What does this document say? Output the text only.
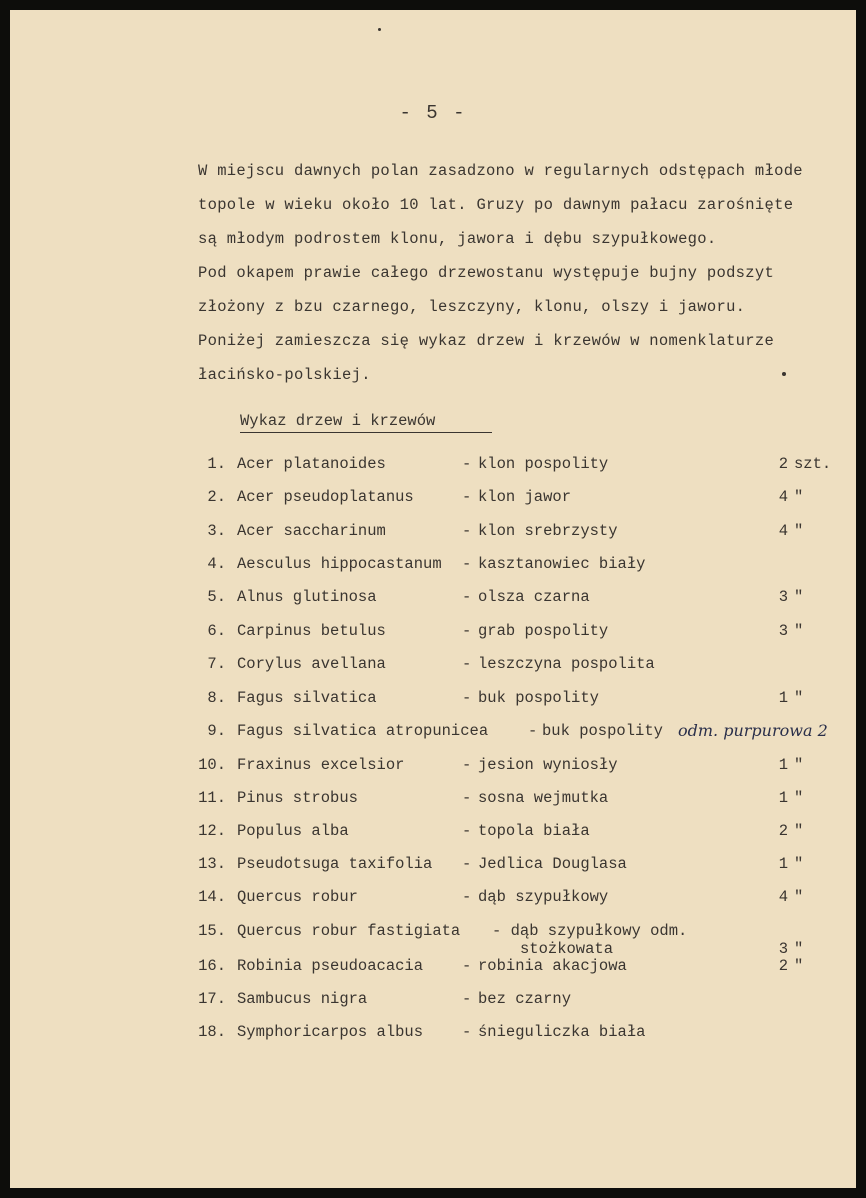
- 5 -
W miejscu dawnych polan zasadzono w regularnych odstępach młode
topole w wieku około 10 lat. Gruzy po dawnym pałacu zarośnięte
są młodym podrostem klonu, jawora i dębu szypułkowego.
Pod okapem prawie całego drzewostanu występuje bujny podszyt
złożony z bzu czarnego, leszczyny, klonu, olszy i jaworu.
Poniżej zamieszcza się wykaz drzew i krzewów w nomenklaturze
łacińsko-polskiej.
Wykaz drzew i krzewów
1. Acer platanoides	- klon pospolity	2 szt.
2. Acer pseudoplatanus	- klon jawor	4 "
3. Acer saccharinum	- klon srebrzysty	4 "
4. Aesculus hippocastanum - kasztanowiec biały
5. Alnus glutinosa	- olsza czarna	3 "
6. Carpinus betulus	- grab pospolity	3 "
7. Corylus avellana	- leszczyna pospolita
8. Fagus silvatica	- buk pospolity	1 "
9. Fagus silvatica atropunicea	- buk pospolity odm. purpurowa 2
10. Fraxinus excelsior	- jesion wyniosły	1 "
11. Pinus strobus	- sosna wejmutka	1 "
12. Populus alba	- topola biała	2 "
13. Pseudotsuga taxifolia - Jedlica Douglasa	1 "
14. Quercus robur	- dąb szypułkowy	4 "
15. Quercus robur fastigiata - dąb szypułkowy odm.
stożkowata	3 "
16. Robinia pseudoacacia	- robinia akacjowa	2 "
17. Sambucus nigra	- bez czarny
18. Symphoricarpos albus	- śnieguliczka biała
